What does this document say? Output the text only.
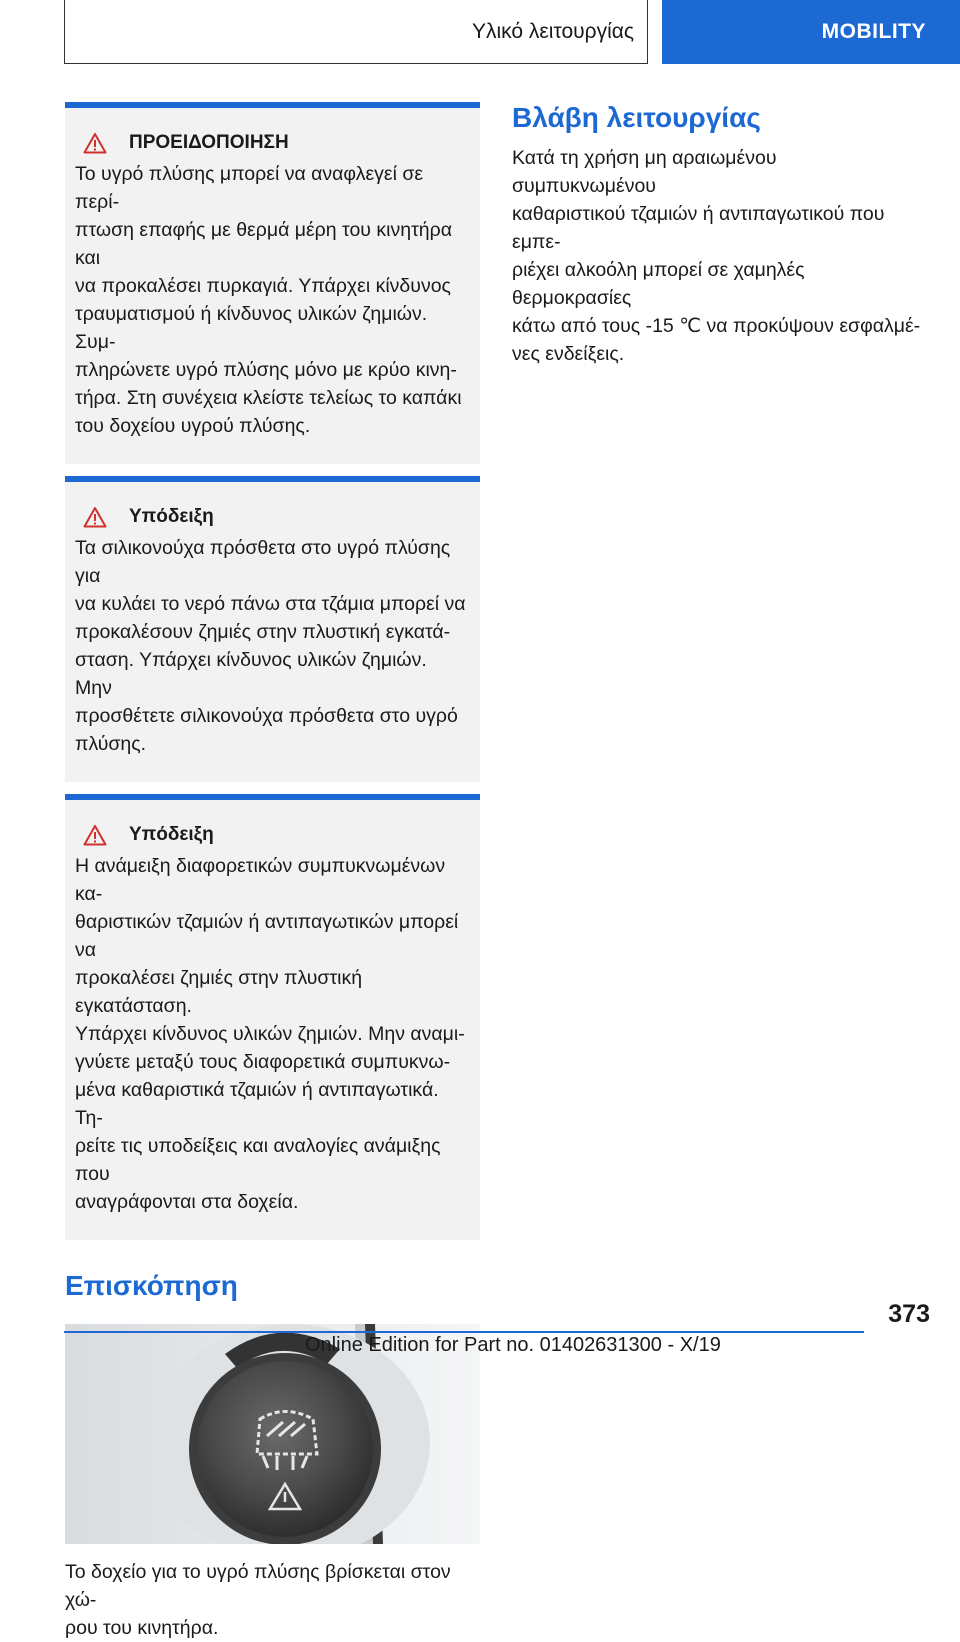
Υλικό λειτουργίας	MOBILITY
ΠΡΟΕΙΔΟΠΟΙΗΣΗ
Το υγρό πλύσης μπορεί να αναφλεγεί σε περί-
πτωση επαφής με θερμά μέρη του κινητήρα και
να προκαλέσει πυρκαγιά. Υπάρχει κίνδυνος
τραυματισμού ή κίνδυνος υλικών ζημιών. Συμ-
πληρώνετε υγρό πλύσης μόνο με κρύο κινη-
τήρα. Στη συνέχεια κλείστε τελείως το καπάκι
του δοχείου υγρού πλύσης.
Υπόδειξη
Τα σιλικονούχα πρόσθετα στο υγρό πλύσης για
να κυλάει το νερό πάνω στα τζάμια μπορεί να
προκαλέσουν ζημιές στην πλυστική εγκατά-
σταση. Υπάρχει κίνδυνος υλικών ζημιών. Μην
προσθέτετε σιλικονούχα πρόσθετα στο υγρό
πλύσης.
Υπόδειξη
Η ανάμειξη διαφορετικών συμπυκνωμένων κα-
θαριστικών τζαμιών ή αντιπαγωτικών μπορεί να
προκαλέσει ζημιές στην πλυστική εγκατάσταση.
Υπάρχει κίνδυνος υλικών ζημιών. Μην αναμι-
γνύετε μεταξύ τους διαφορετικά συμπυκνω-
μένα καθαριστικά τζαμιών ή αντιπαγωτικά. Τη-
ρείτε τις υποδείξεις και αναλογίες ανάμιξης που
αναγράφονται στα δοχεία.
Επισκόπηση
Το δοχείο για το υγρό πλύσης βρίσκεται στον χώ-
ρου του κινητήρα.
Βλάβη λειτουργίας
Κατά τη χρήση μη αραιωμένου συμπυκνωμένου
καθαριστικού τζαμιών ή αντιπαγωτικού που εμπε-
ριέχει αλκοόλη μπορεί σε χαμηλές θερμοκρασίες
κάτω από τους -15 ℃ να προκύψουν εσφαλμέ-
νες ενδείξεις.
373
Online Edition for Part no. 01402631300 - X/19
